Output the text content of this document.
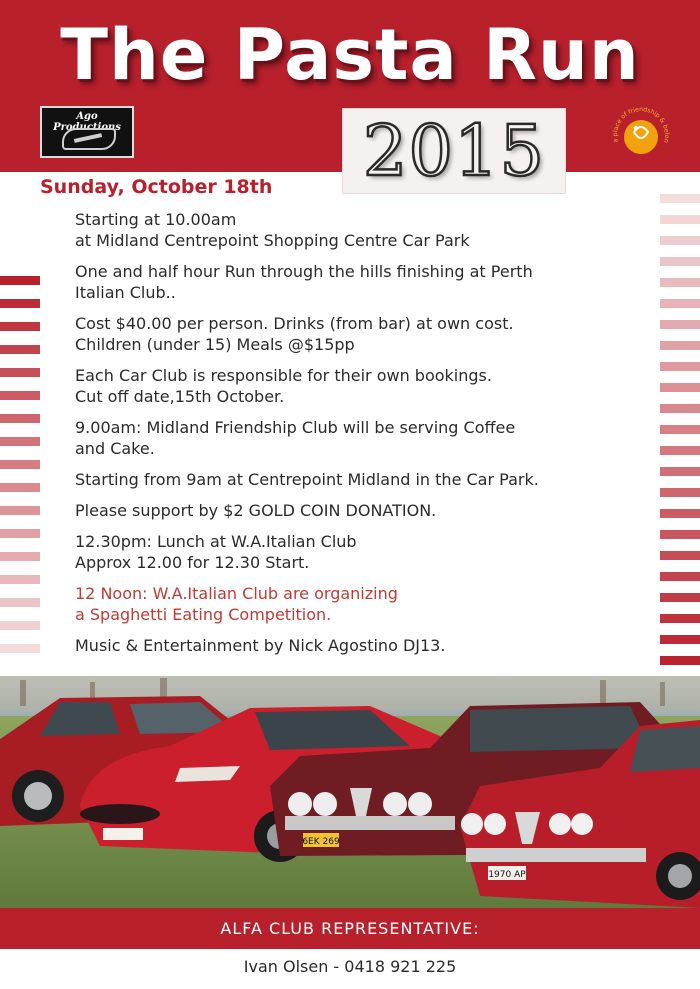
The Pasta Run
Ago Productions
a place of friendship & belon
2015
Sunday, October 18th
Starting at 10.00am
at Midland Centrepoint Shopping Centre Car Park
One and half hour Run through the hills finishing at Perth
Italian Club..
Cost $40.00 per person. Drinks (from bar) at own cost.
Children (under 15) Meals @$15pp
Each Car Club is responsible for their own bookings.
Cut off date,15th October.
9.00am: Midland Friendship Club will be serving Coffee
and Cake.
Starting from 9am at Centrepoint Midland in the Car Park.
Please support by $2 GOLD COIN DONATION.
12.30pm: Lunch at W.A.Italian Club
Approx 12.00 for 12.30 Start.
12 Noon: W.A.Italian Club are organizing
a Spaghetti Eating Competition.
Music & Entertainment by Nick Agostino DJ13.
6EK 269
1970 AP
ALFA CLUB REPRESENTATIVE:
Ivan Olsen - 0418 921 225
